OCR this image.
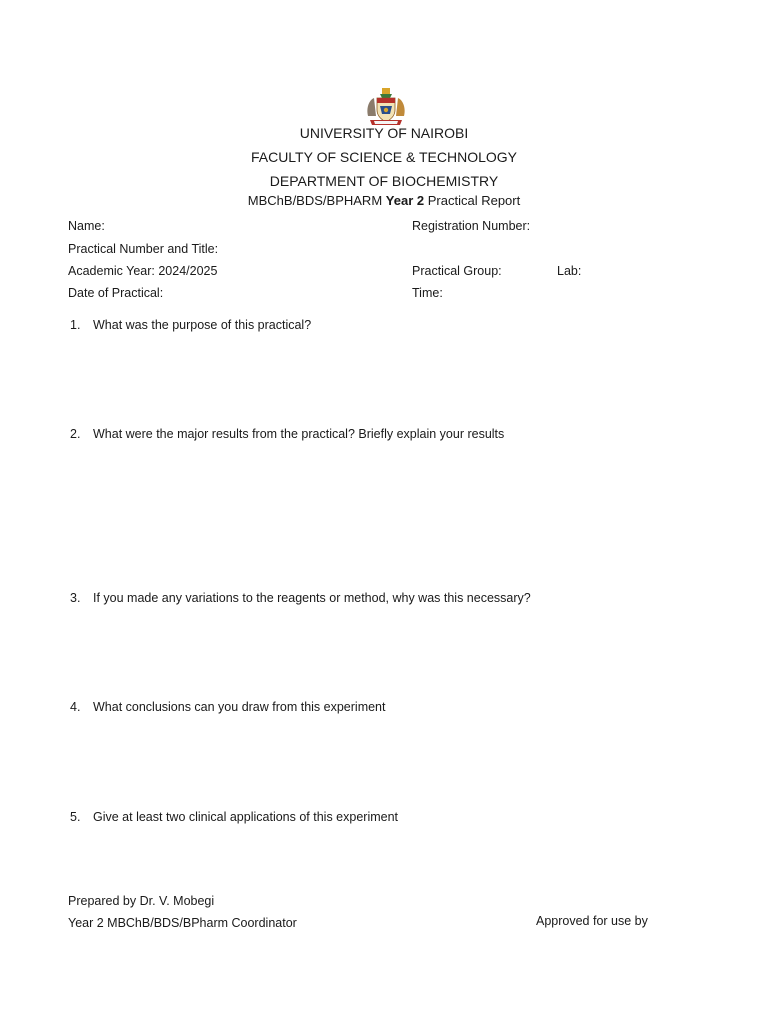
UNIVERSITY OF NAIROBI
FACULTY OF SCIENCE & TECHNOLOGY
DEPARTMENT OF BIOCHEMISTRY
MBChB/BDS/BPHARM Year 2 Practical Report
Name:	Registration Number:
Practical Number and Title:
Academic Year: 2024/2025	Practical Group:	Lab:
Date of Practical:	Time:
1.	What was the purpose of this practical?
2.	What were the major results from the practical? Briefly explain your results
3.	If you made any variations to the reagents or method, why was this necessary?
4.	What conclusions can you draw from this experiment
5.	Give at least two clinical applications of this experiment
Prepared by Dr. V. Mobegi
Year 2 MBChB/BDS/BPharm Coordinator	Approved for use by
